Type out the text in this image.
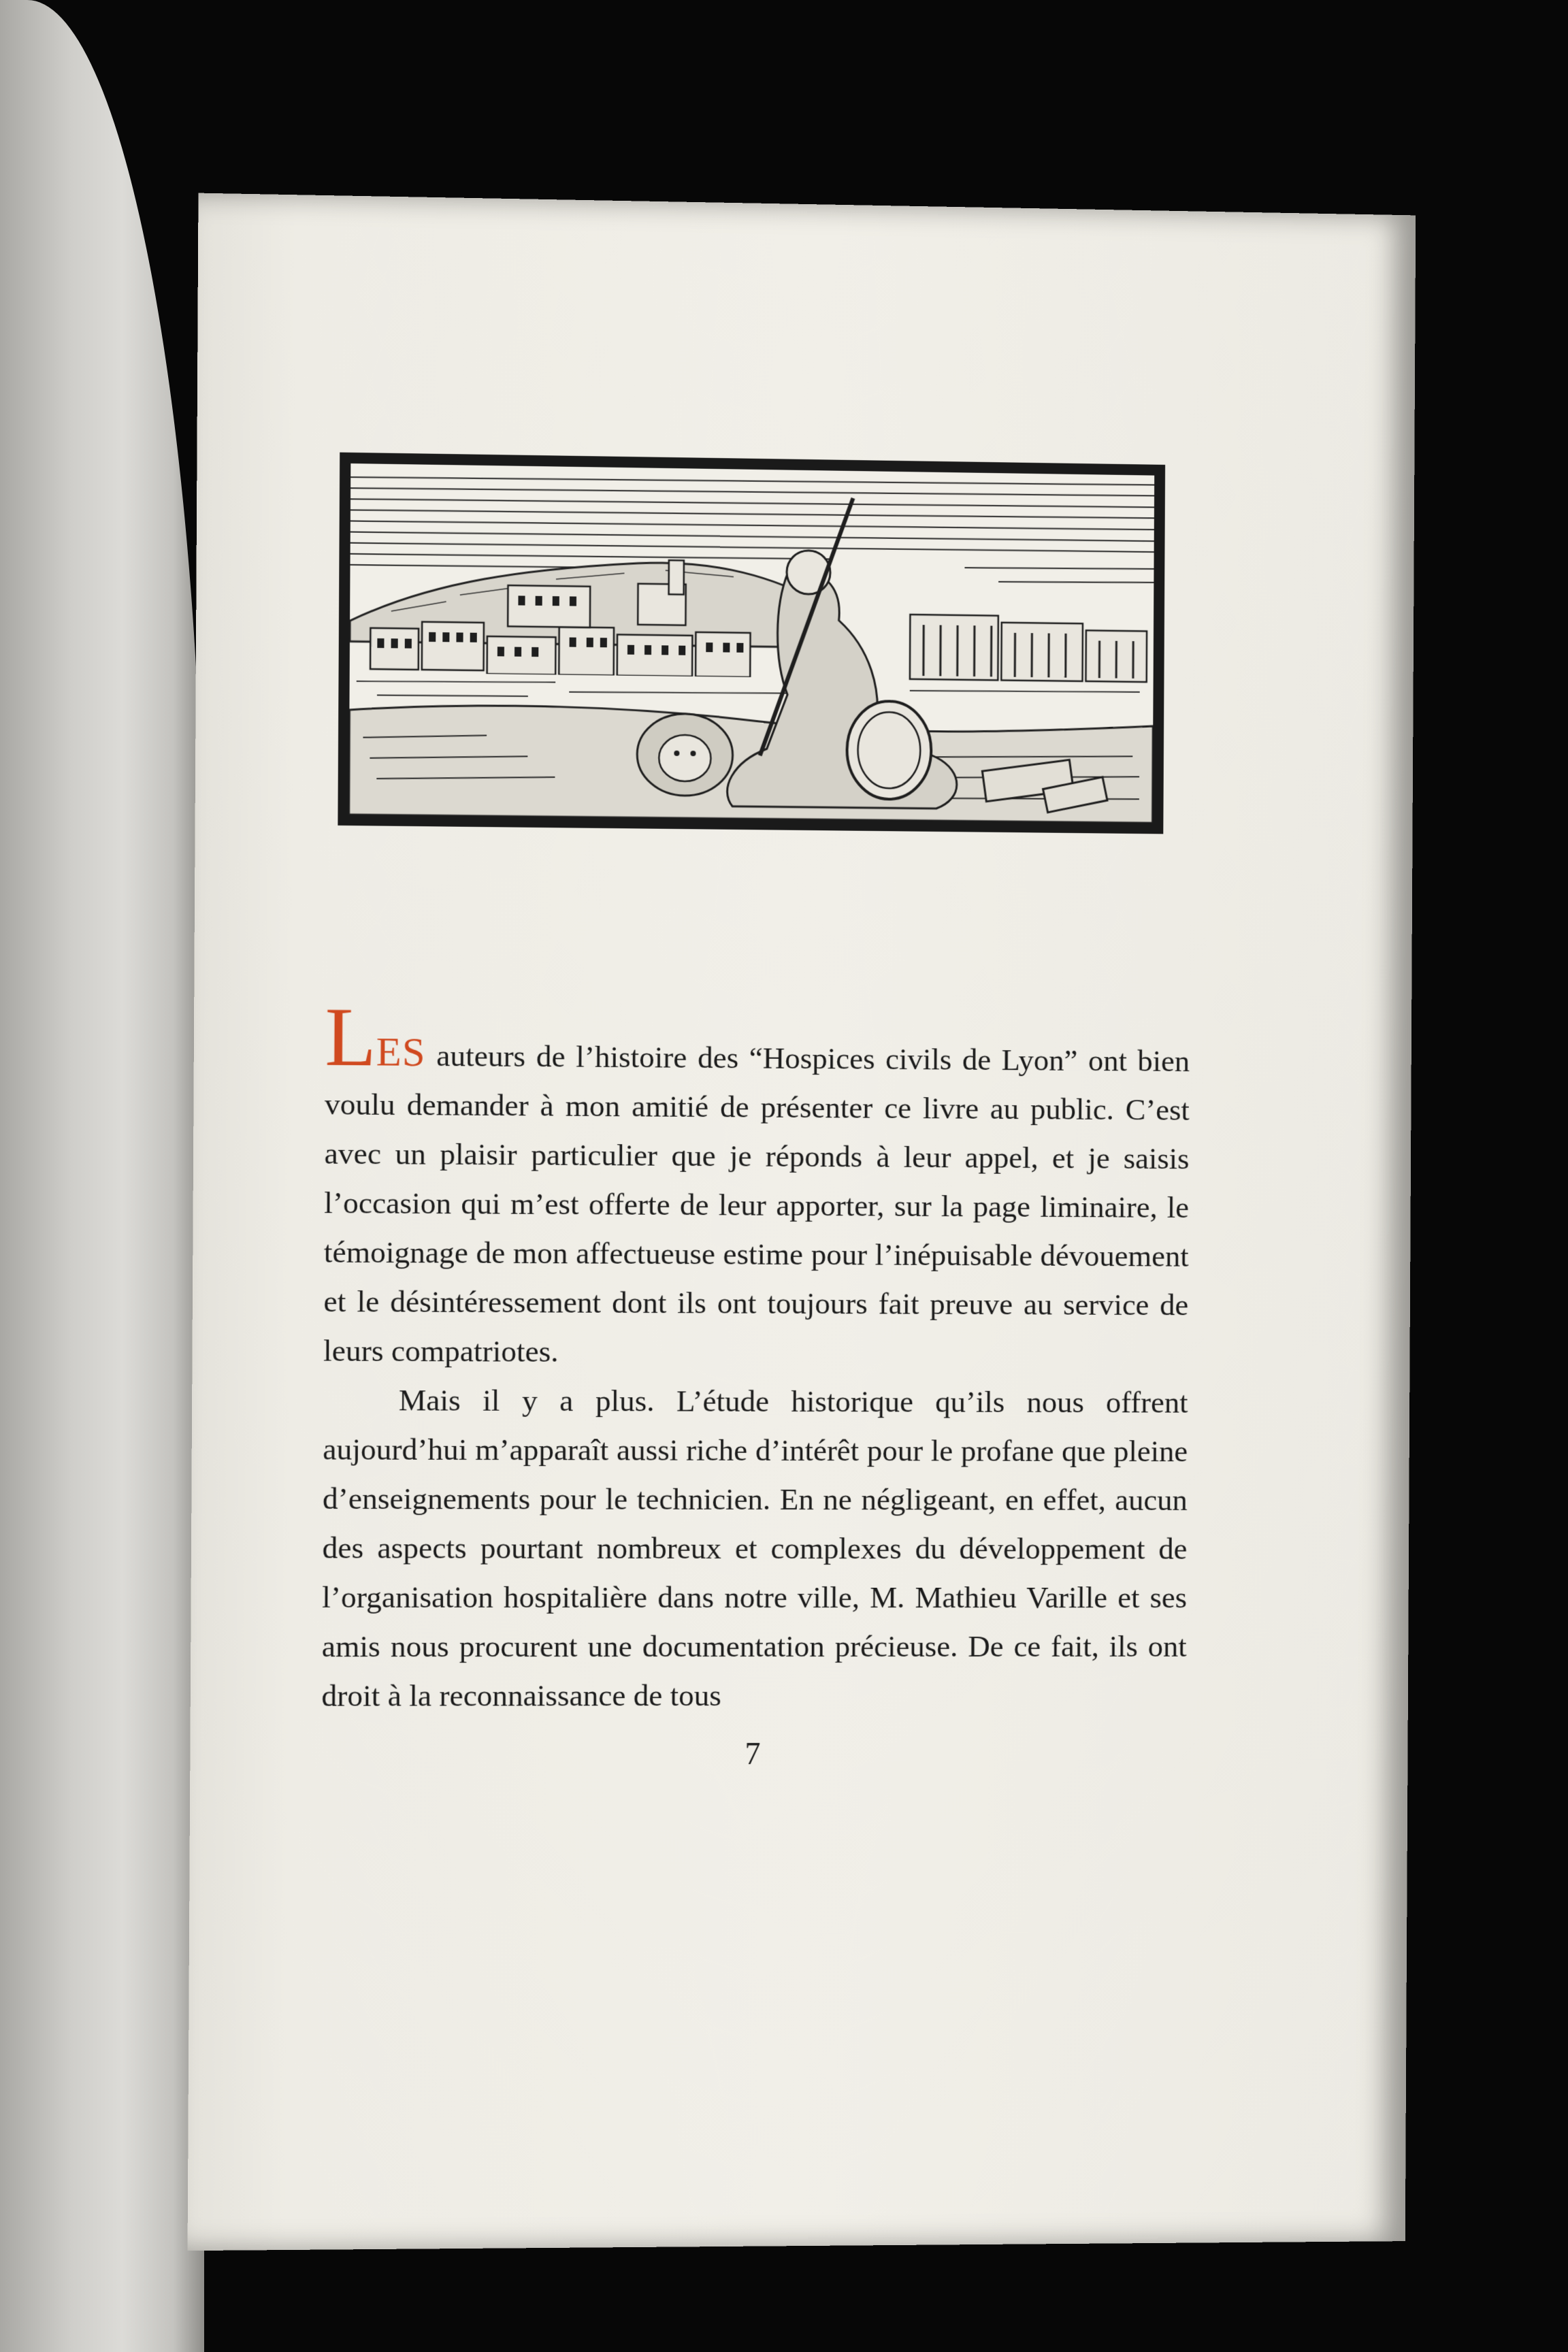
LES auteurs de l’histoire des “Hospices civils de Lyon” ont bien voulu demander à mon amitié de présenter ce livre au public. C’est avec un plaisir particulier que je réponds à leur appel, et je saisis l’occasion qui m’est offerte de leur apporter, sur la page liminaire, le témoignage de mon affectueuse estime pour l’inépuisable dévouement et le désintéressement dont ils ont toujours fait preuve au service de leurs compatriotes.

Mais il y a plus. L’étude historique qu’ils nous offrent aujourd’hui m’apparaît aussi riche d’intérêt pour le profane que pleine d’enseignements pour le technicien. En ne négligeant, en effet, aucun des aspects pourtant nombreux et complexes du développement de l’organisation hospitalière dans notre ville, M. Mathieu Varille et ses amis nous procurent une documentation précieuse. De ce fait, ils ont droit à la reconnaissance de tous

7
